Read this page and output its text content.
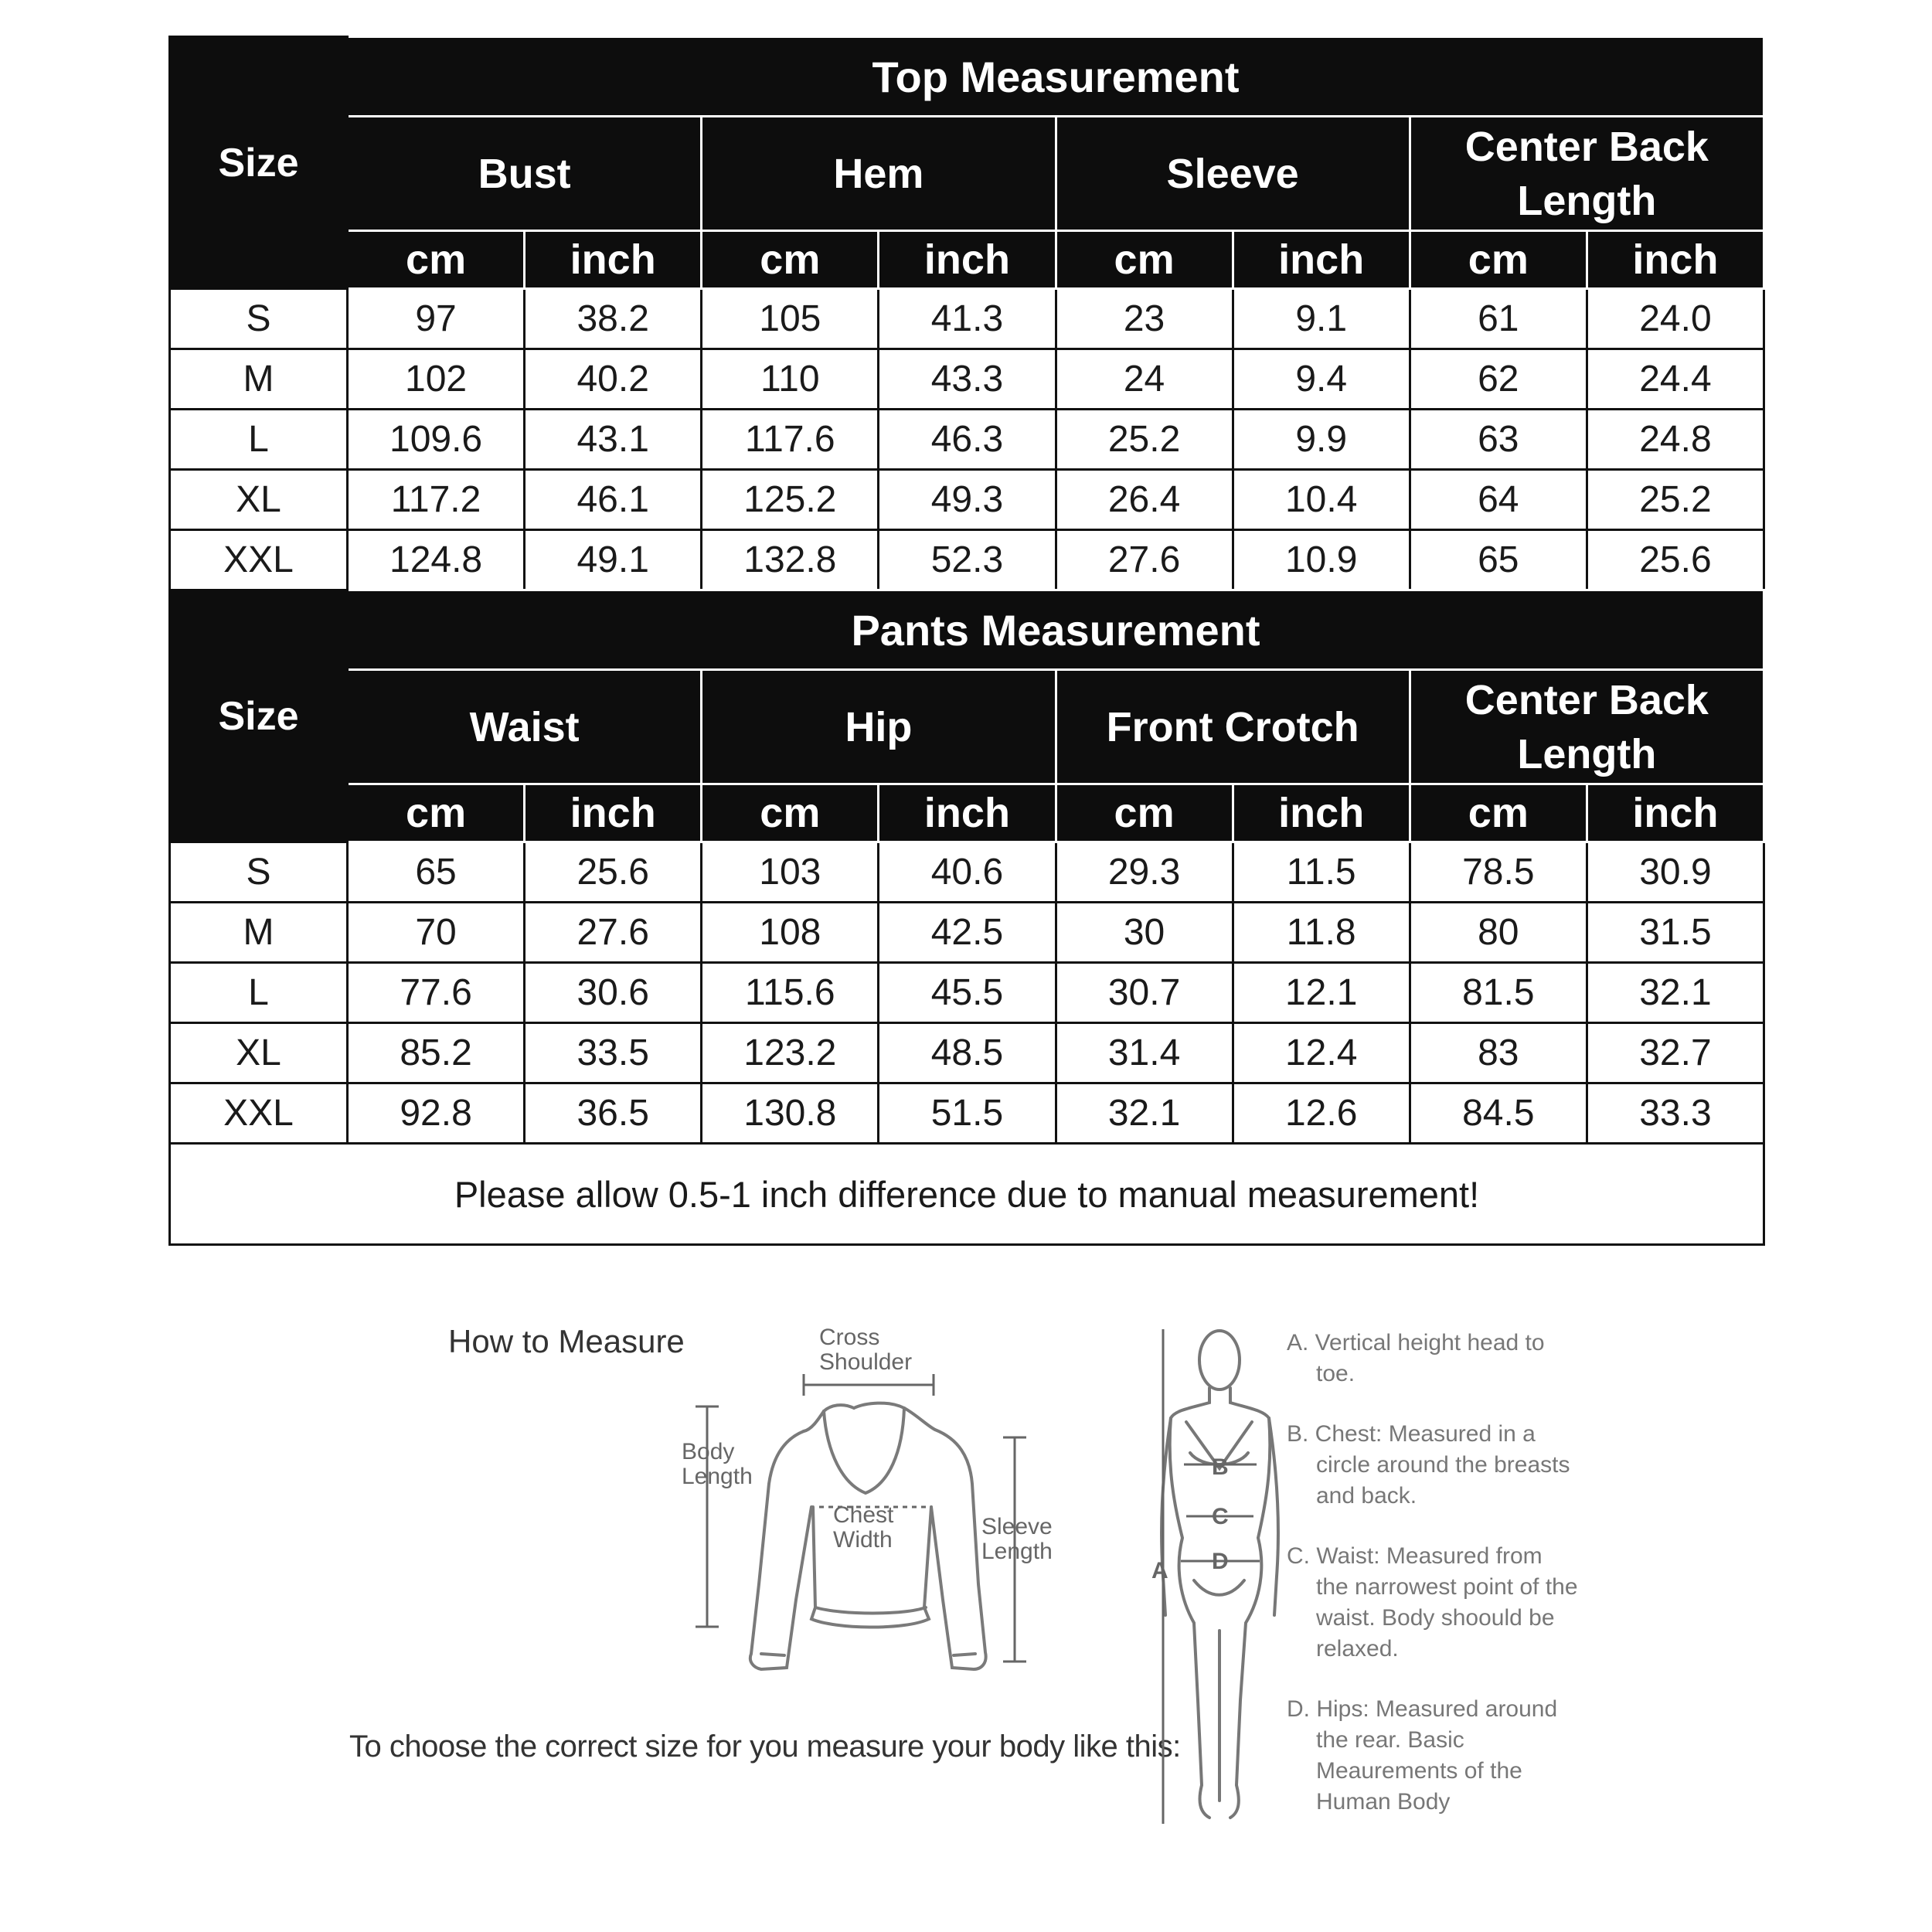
Size	Top Measurement							
	Bust		Hem		Sleeve		Center Back Length	
	cm	inch	cm	inch	cm	inch	cm	inch
S	97	38.2	105	41.3	23	9.1	61	24.0
M	102	40.2	110	43.3	24	9.4	62	24.4
L	109.6	43.1	117.6	46.3	25.2	9.9	63	24.8
XL	117.2	46.1	125.2	49.3	26.4	10.4	64	25.2
XXL	124.8	49.1	132.8	52.3	27.6	10.9	65	25.6
Size	Pants Measurement							
	Waist		Hip		Front Crotch		Center Back Length	
	cm	inch	cm	inch	cm	inch	cm	inch
S	65	25.6	103	40.6	29.3	11.5	78.5	30.9
M	70	27.6	108	42.5	30	11.8	80	31.5
L	77.6	30.6	115.6	45.5	30.7	12.1	81.5	32.1
XL	85.2	33.5	123.2	48.5	31.4	12.4	83	32.7
XXL	92.8	36.5	130.8	51.5	32.1	12.6	84.5	33.3
Please allow 0.5-1 inch difference due to manual measurement!
How to Measure
To choose the correct size for you measure your body like this:
Cross
Shoulder
Body
Length
Chest
Width
Sleeve
Length
A
B
C
D
A. Vertical height head to toe.
B. Chest: Measured in a circle around the breasts and back.
C. Waist: Measured from the narrowest point of the waist. Body shoould be relaxed.
D. Hips: Measured around the rear. Basic Meaurements of the Human Body
